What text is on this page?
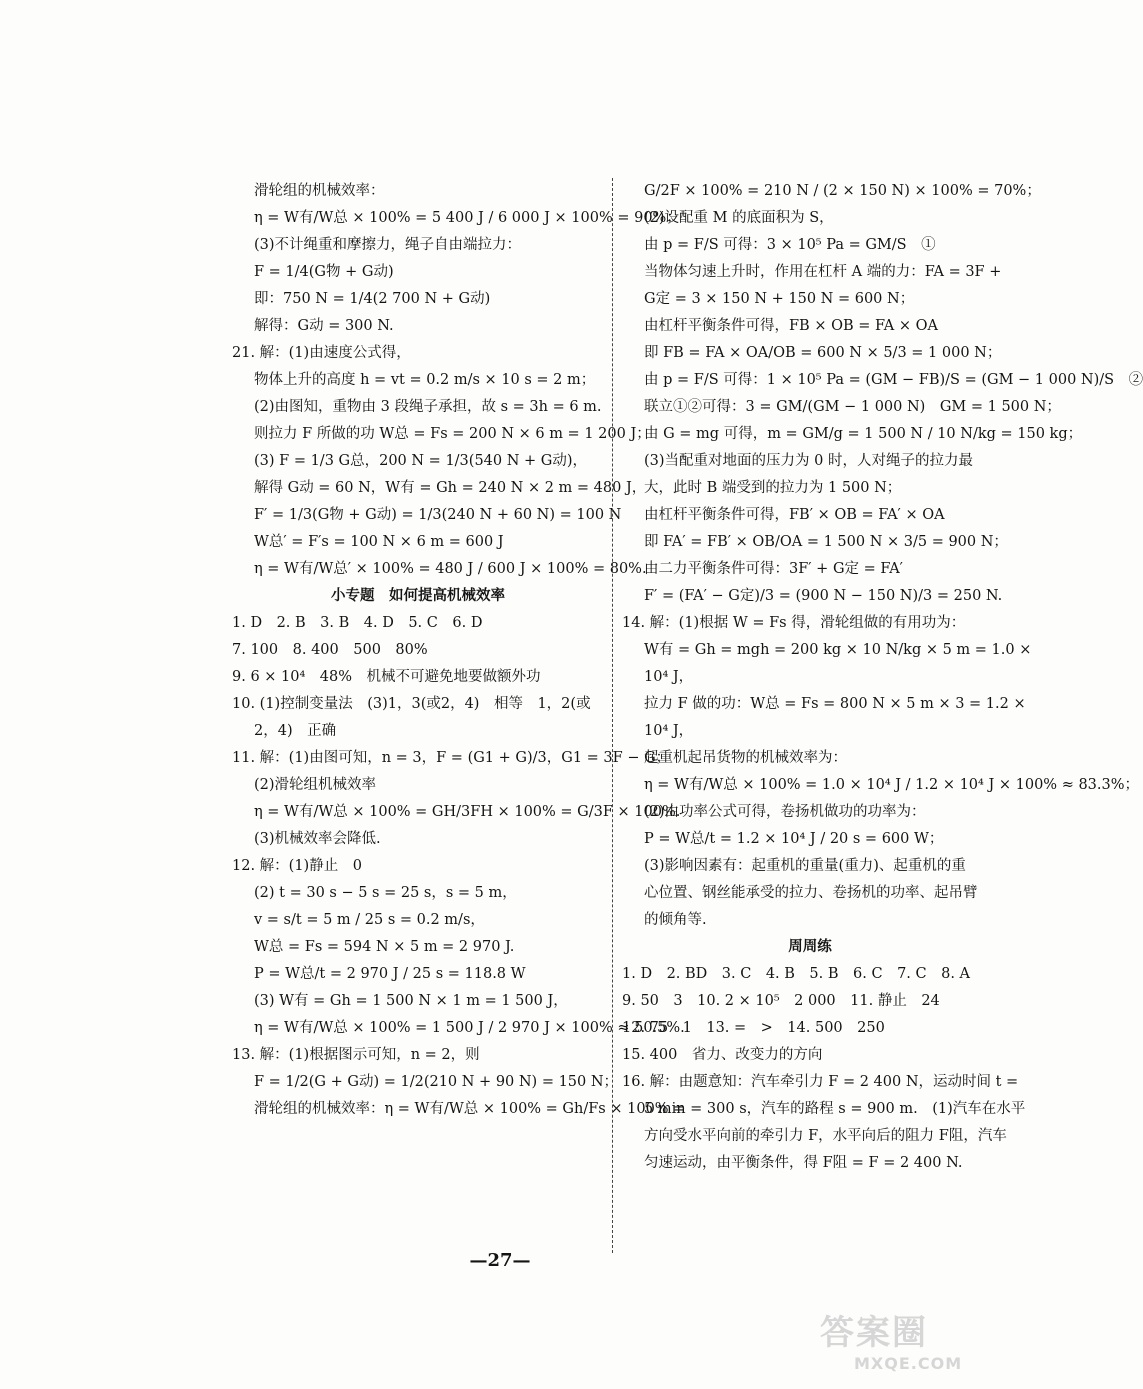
滑轮组的机械效率：
η = W有/W总 × 100% = 5 400 J / 6 000 J × 100% = 90%；
(3)不计绳重和摩擦力，绳子自由端拉力：
F = 1/4(G物 + G动)
即：750 N = 1/4(2 700 N + G动)
解得：G动 = 300 N.
21. 解：(1)由速度公式得，
物体上升的高度 h = vt = 0.2 m/s × 10 s = 2 m；
(2)由图知，重物由 3 段绳子承担，故 s = 3h = 6 m.
则拉力 F 所做的功 W总 = Fs = 200 N × 6 m = 1 200 J；
(3) F = 1/3 G总，200 N = 1/3(540 N + G动)，
解得 G动 = 60 N，W有 = Gh = 240 N × 2 m = 480 J，
F′ = 1/3(G物 + G动) = 1/3(240 N + 60 N) = 100 N
W总′ = F′s = 100 N × 6 m = 600 J
η = W有/W总′ × 100% = 480 J / 600 J × 100% = 80%.
小专题　如何提高机械效率
1. D　2. B　3. B　4. D　5. C　6. D
7. 100　8. 400　500　80%
9. 6 × 10⁴　48%　机械不可避免地要做额外功
10. (1)控制变量法　(3)1，3(或2，4)　相等　1，2(或
2，4)　正确
11. 解：(1)由图可知，n = 3，F = (G1 + G)/3，G1 = 3F − G；
(2)滑轮组机械效率
η = W有/W总 × 100% = GH/3FH × 100% = G/3F × 100%.
(3)机械效率会降低.
12. 解：(1)静止　0
(2) t = 30 s − 5 s = 25 s，s = 5 m，
v = s/t = 5 m / 25 s = 0.2 m/s，
W总 = Fs = 594 N × 5 m = 2 970 J.
P = W总/t = 2 970 J / 25 s = 118.8 W
(3) W有 = Gh = 1 500 N × 1 m = 1 500 J，
η = W有/W总 × 100% = 1 500 J / 2 970 J × 100% ≈ 50.5%.
13. 解：(1)根据图示可知，n = 2，则
F = 1/2(G + G动) = 1/2(210 N + 90 N) = 150 N；
滑轮组的机械效率：η = W有/W总 × 100% = Gh/Fs × 100% =
G/2F × 100% = 210 N / (2 × 150 N) × 100% = 70%；
(2)设配重 M 的底面积为 S，
由 p = F/S 可得：3 × 10⁵ Pa = GM/S　①
当物体匀速上升时，作用在杠杆 A 端的力：FA = 3F +
G定 = 3 × 150 N + 150 N = 600 N；
由杠杆平衡条件可得，FB × OB = FA × OA
即 FB = FA × OA/OB = 600 N × 5/3 = 1 000 N；
由 p = F/S 可得：1 × 10⁵ Pa = (GM − FB)/S = (GM − 1 000 N)/S　②
联立①②可得：3 = GM/(GM − 1 000 N)　GM = 1 500 N；
由 G = mg 可得，m = GM/g = 1 500 N / 10 N/kg = 150 kg；
(3)当配重对地面的压力为 0 时，人对绳子的拉力最
大，此时 B 端受到的拉力为 1 500 N；
由杠杆平衡条件可得，FB′ × OB = FA′ × OA
即 FA′ = FB′ × OB/OA = 1 500 N × 3/5 = 900 N；
由二力平衡条件可得：3F′ + G定 = FA′
F′ = (FA′ − G定)/3 = (900 N − 150 N)/3 = 250 N.
14. 解：(1)根据 W = Fs 得，滑轮组做的有用功为：
W有 = Gh = mgh = 200 kg × 10 N/kg × 5 m = 1.0 ×
10⁴ J，
拉力 F 做的功：W总 = Fs = 800 N × 5 m × 3 = 1.2 ×
10⁴ J，
起重机起吊货物的机械效率为：
η = W有/W总 × 100% = 1.0 × 10⁴ J / 1.2 × 10⁴ J × 100% ≈ 83.3%；
(2)由功率公式可得，卷扬机做功的功率为：
P = W总/t = 1.2 × 10⁴ J / 20 s = 600 W；
(3)影响因素有：起重机的重量(重力)、起重机的重
心位置、钢丝能承受的拉力、卷扬机的功率、起吊臂
的倾角等.
周周练
1. D　2. BD　3. C　4. B　5. B　6. C　7. C　8. A
9. 50　3　10. 2 × 10⁵　2 000　11. 静止　24
12. 75　1　13. =　>　14. 500　250
15. 400　省力、改变力的方向
16. 解：由题意知：汽车牵引力 F = 2 400 N，运动时间 t =
5 min = 300 s，汽车的路程 s = 900 m.　(1)汽车在水平
方向受水平向前的牵引力 F，水平向后的阻力 F阻，汽车
匀速运动，由平衡条件，得 F阻 = F = 2 400 N.
—27—
答案圈
MXQE.COM
